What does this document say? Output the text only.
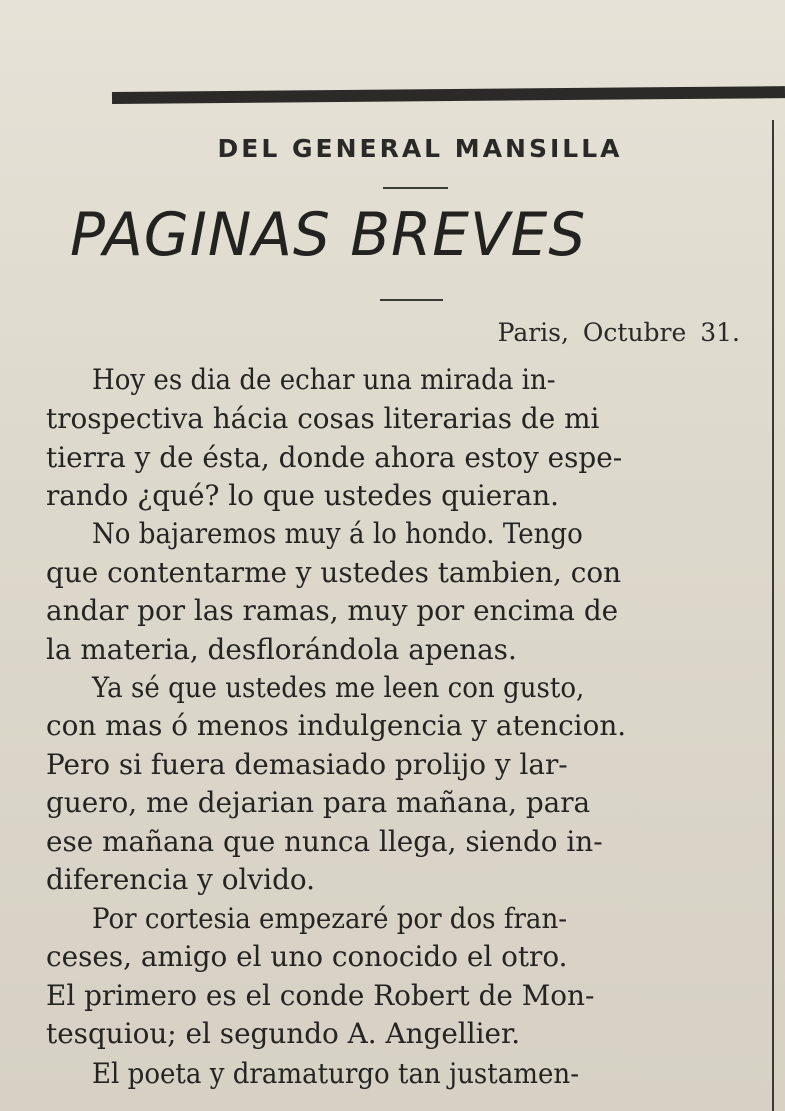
DEL GENERAL MANSILLA
PAGINAS BREVES
Paris, Octubre 31.
Hoy es dia de echar una mirada in-
trospectiva hácia cosas literarias de mi
tierra y de ésta, donde ahora estoy espe-
rando ¿qué? lo que ustedes quieran.
No bajaremos muy á lo hondo. Tengo
que contentarme y ustedes tambien, con
andar por las ramas, muy por encima de
la materia, desflorándola apenas.
Ya sé que ustedes me leen con gusto,
con mas ó menos indulgencia y atencion.
Pero si fuera demasiado prolijo y lar-
guero, me dejarian para mañana, para
ese mañana que nunca llega, siendo in-
diferencia y olvido.
Por cortesia empezaré por dos fran-
ceses, amigo el uno conocido el otro.
El primero es el conde Robert de Mon-
tesquiou; el segundo A. Angellier.
El poeta y dramaturgo tan justamen-
